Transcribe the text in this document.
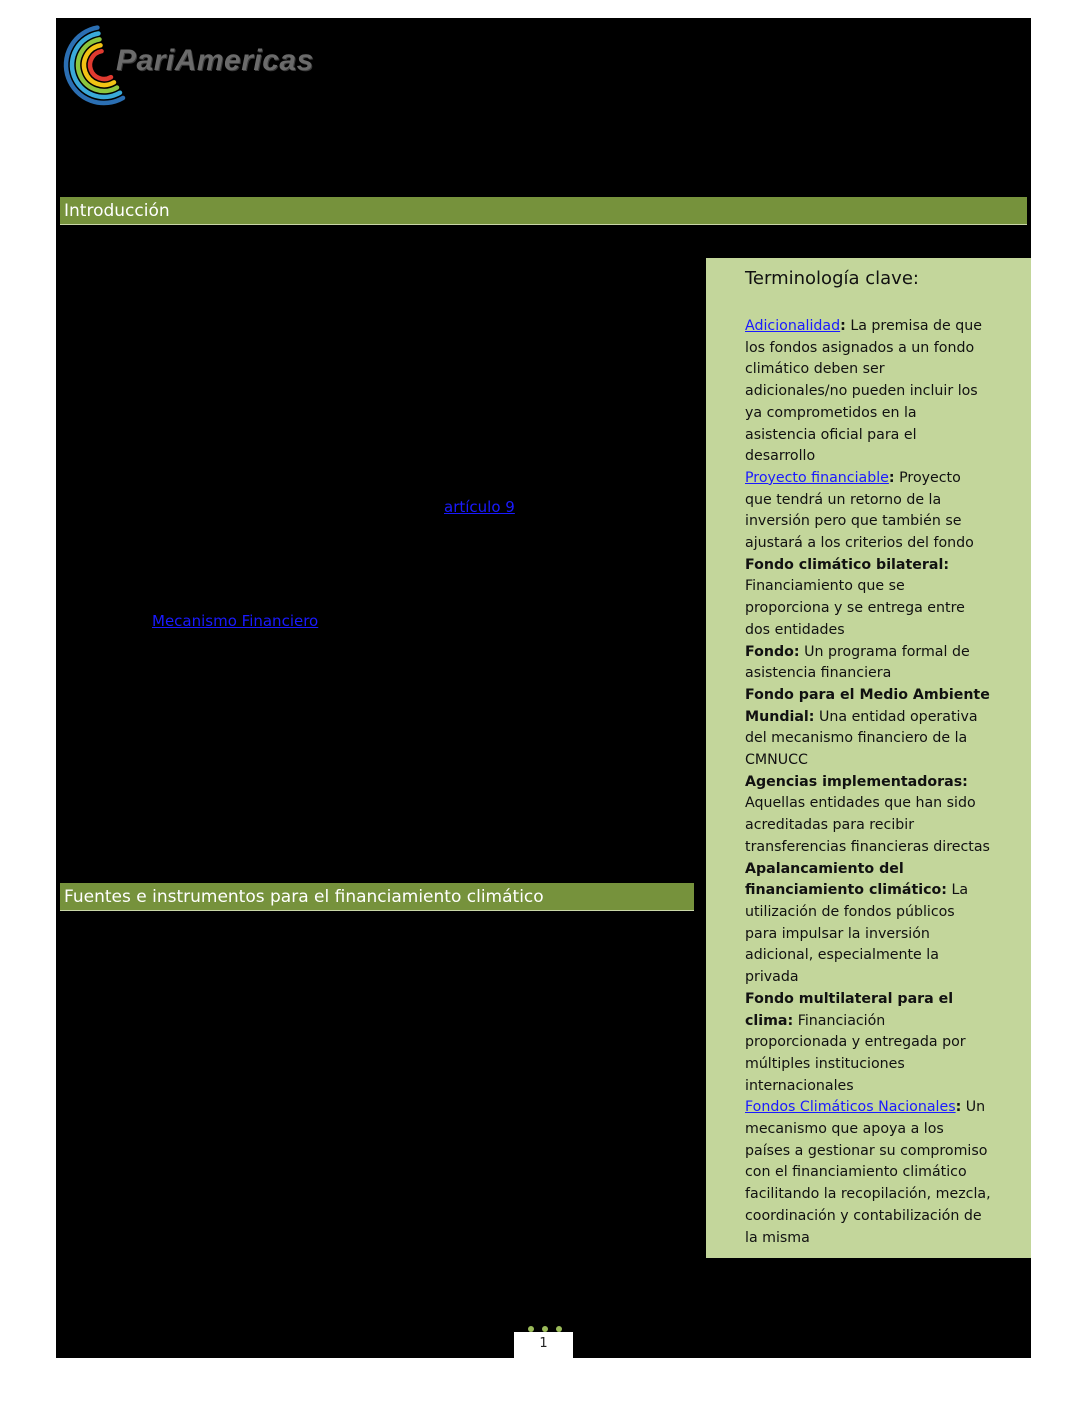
PariAmericas
Introducción
artículo 9
Mecanismo Financiero
Fuentes e instrumentos para el financiamiento climático
Terminología clave:

Adicionalidad: La premisa de que los fondos asignados a un fondo climático deben ser adicionales/no pueden incluir los ya comprometidos en la asistencia oficial para el desarrollo

Proyecto financiable: Proyecto que tendrá un retorno de la inversión pero que también se ajustará a los criterios del fondo

Fondo climático bilateral: Financiamiento que se proporciona y se entrega entre dos entidades

Fondo: Un programa formal de asistencia financiera

Fondo para el Medio Ambiente Mundial: Una entidad operativa del mecanismo financiero de la CMNUCC

Agencias implementadoras: Aquellas entidades que han sido acreditadas para recibir transferencias financieras directas

Apalancamiento del financiamiento climático: La utilización de fondos públicos para impulsar la inversión adicional, especialmente la privada

Fondo multilateral para el clima: Financiación proporcionada y entregada por múltiples instituciones internacionales

Fondos Climáticos Nacionales: Un mecanismo que apoya a los países a gestionar su compromiso con el financiamiento climático facilitando la recopilación, mezcla, coordinación y contabilización de la misma

1
